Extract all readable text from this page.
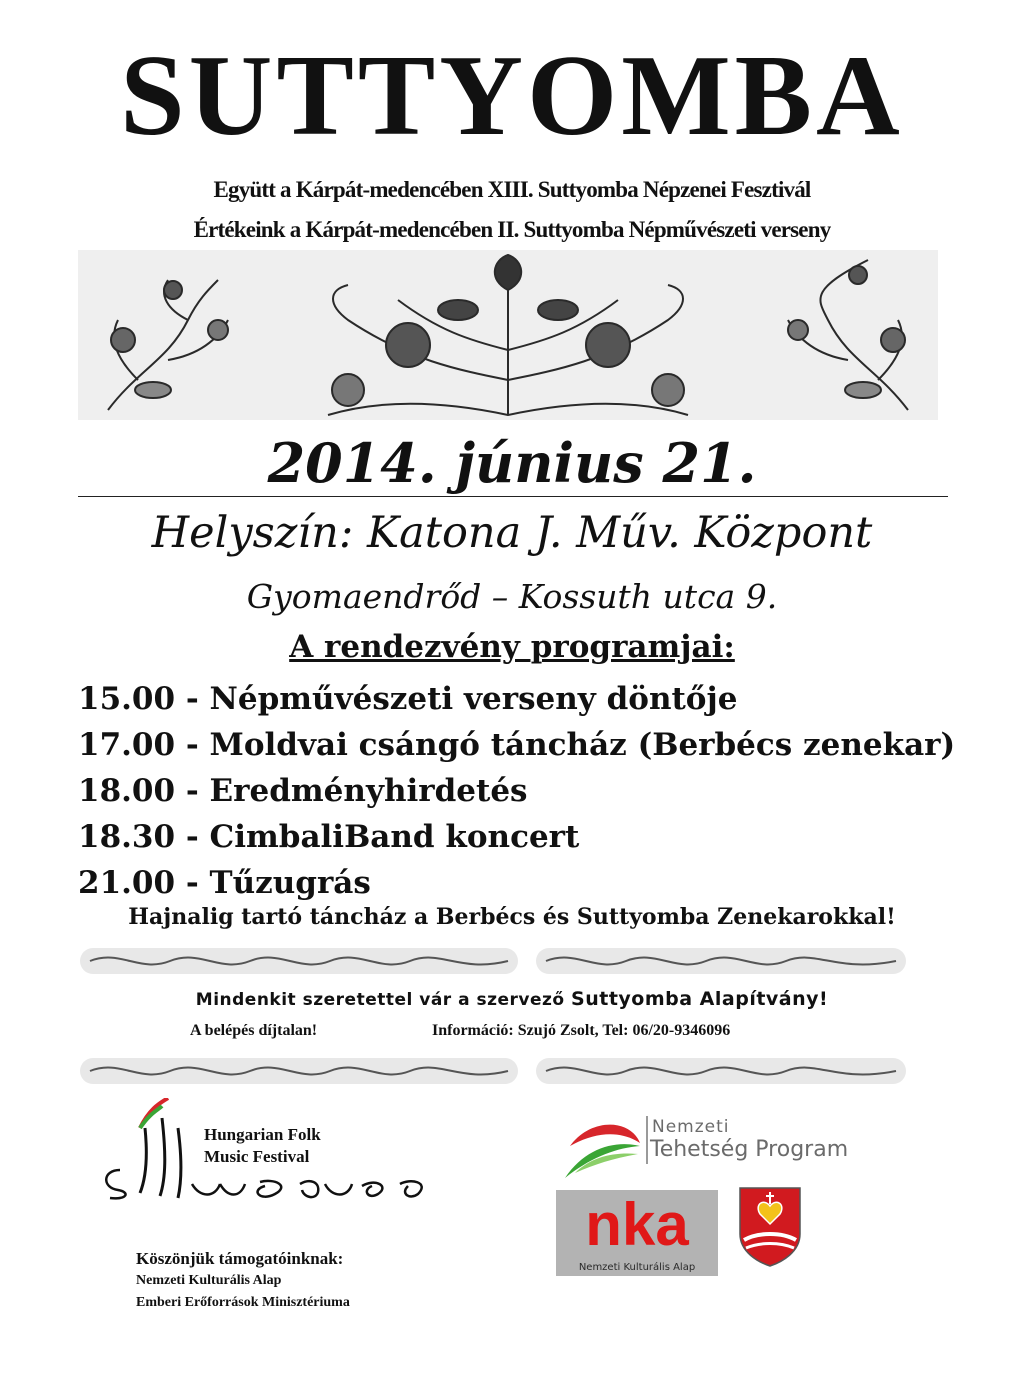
SUTTYOMBA
Együtt a Kárpát-medencében XIII. Suttyomba Népzenei Fesztivál
Értékeink a Kárpát-medencében II. Suttyomba Népművészeti verseny
2014. június 21.
Helyszín: Katona J. Műv. Központ
Gyomaendrőd – Kossuth utca 9.
A rendezvény programjai:
15.00 - Népművészeti verseny döntője
17.00 - Moldvai csángó táncház (Berbécs zenekar)
18.00 - Eredményhirdetés
18.30 - CimbaliBand koncert
21.00 - Tűzugrás
Hajnalig tartó táncház a Berbécs és Suttyomba Zenekarokkal!
Mindenkit szeretettel vár a szervező Suttyomba Alapítvány!
A belépés díjtalan!	Információ: Szujó Zsolt, Tel: 06/20-9346096
Hungarian Folk
Music Festival
Nemzeti
Tehetség Program
nka
Nemzeti Kulturális Alap
Köszönjük támogatóinknak:
Nemzeti Kulturális Alap
Emberi Erőforrások Minisztériuma
